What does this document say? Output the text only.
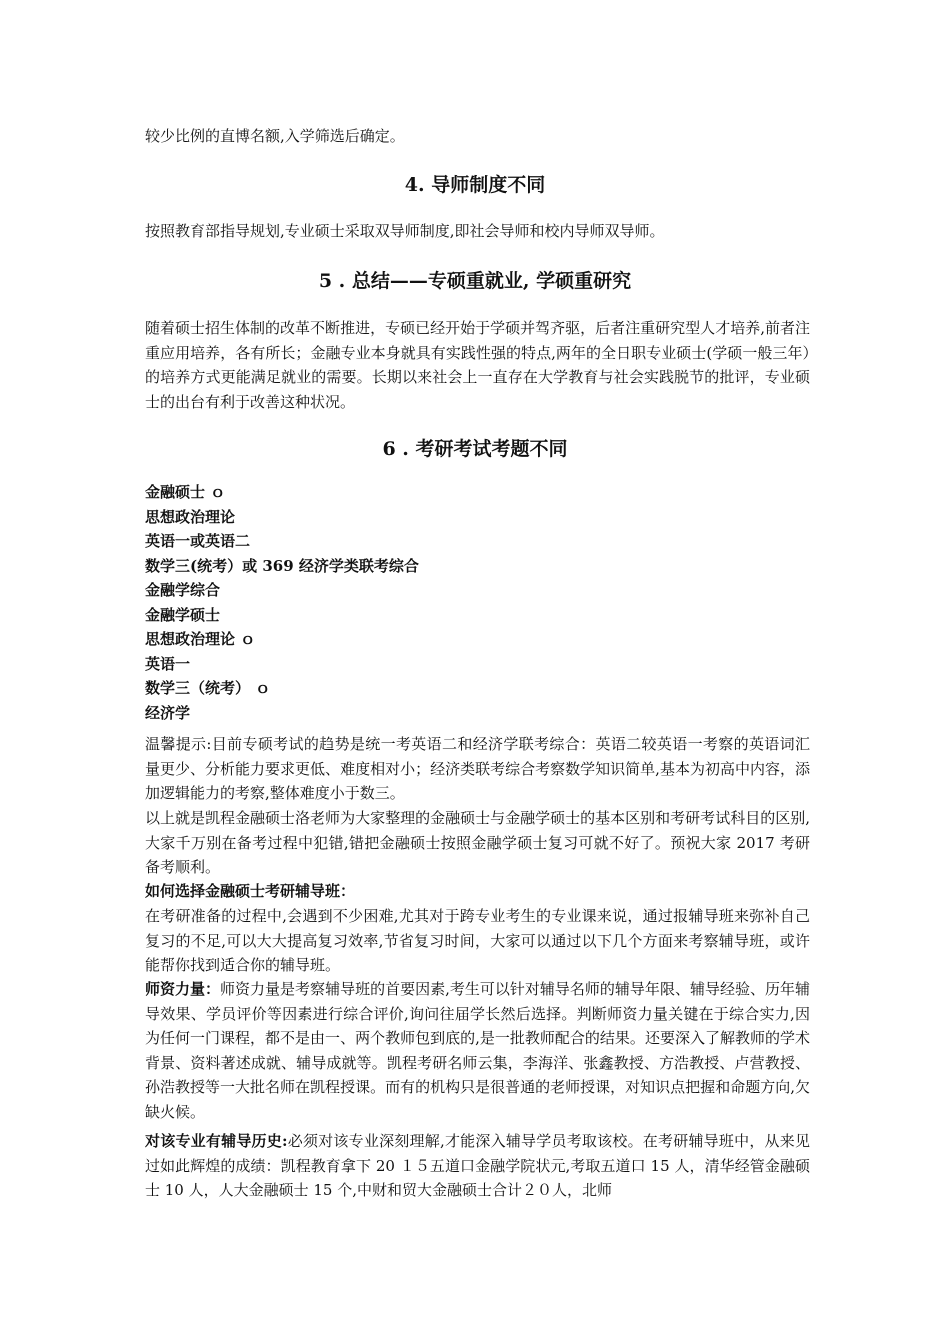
较少比例的直博名额,入学筛选后确定。

4. 导师制度不同

按照教育部指导规划,专业硕士采取双导师制度,即社会导师和校内导师双导师。

5 . 总结——专硕重就业, 学硕重研究

随着硕士招生体制的改革不断推进，专硕已经开始于学硕并驾齐驱，后者注重研究型人才培养,前者注重应用培养，各有所长；金融专业本身就具有实践性强的特点,两年的全日职专业硕士(学硕一般三年）的培养方式更能满足就业的需要。长期以来社会上一直存在大学教育与社会实践脱节的批评，专业硕士的出台有利于改善这种状况。

6 . 考研考试考题不同
金融硕士 ｏ
思想政治理论
英语一或英语二
数学三(统考）或 369 经济学类联考综合
金融学综合
金融学硕士
思想政治理论 ｏ
英语一
数学三（统考） ｏ
经济学

温馨提示:目前专硕考试的趋势是统一考英语二和经济学联考综合：英语二较英语一考察的英语词汇量更少、分析能力要求更低、难度相对小；经济类联考综合考察数学知识简单,基本为初高中内容，添加逻辑能力的考察,整体难度小于数三。

以上就是凯程金融硕士洛老师为大家整理的金融硕士与金融学硕士的基本区别和考研考试科目的区别,大家千万别在备考过程中犯错,错把金融硕士按照金融学硕士复习可就不好了。预祝大家 2017 考研备考顺利。

如何选择金融硕士考研辅导班：

在考研准备的过程中,会遇到不少困难,尤其对于跨专业考生的专业课来说，通过报辅导班来弥补自己复习的不足,可以大大提高复习效率,节省复习时间，大家可以通过以下几个方面来考察辅导班，或许能帮你找到适合你的辅导班。

师资力量：师资力量是考察辅导班的首要因素,考生可以针对辅导名师的辅导年限、辅导经验、历年辅导效果、学员评价等因素进行综合评价,询问往届学长然后选择。判断师资力量关键在于综合实力,因为任何一门课程，都不是由一、两个教师包到底的,是一批教师配合的结果。还要深入了解教师的学术背景、资料著述成就、辅导成就等。凯程考研名师云集，李海洋、张鑫教授、方浩教授、卢营教授、孙浩教授等一大批名师在凯程授课。而有的机构只是很普通的老师授课，对知识点把握和命题方向,欠缺火候。

对该专业有辅导历史:必须对该专业深刻理解,才能深入辅导学员考取该校。在考研辅导班中，从来见过如此辉煌的成绩：凯程教育拿下 20 １５五道口金融学院状元,考取五道口 15 人，清华经管金融硕士 10 人，人大金融硕士 15 个,中财和贸大金融硕士合计２０人，北师
